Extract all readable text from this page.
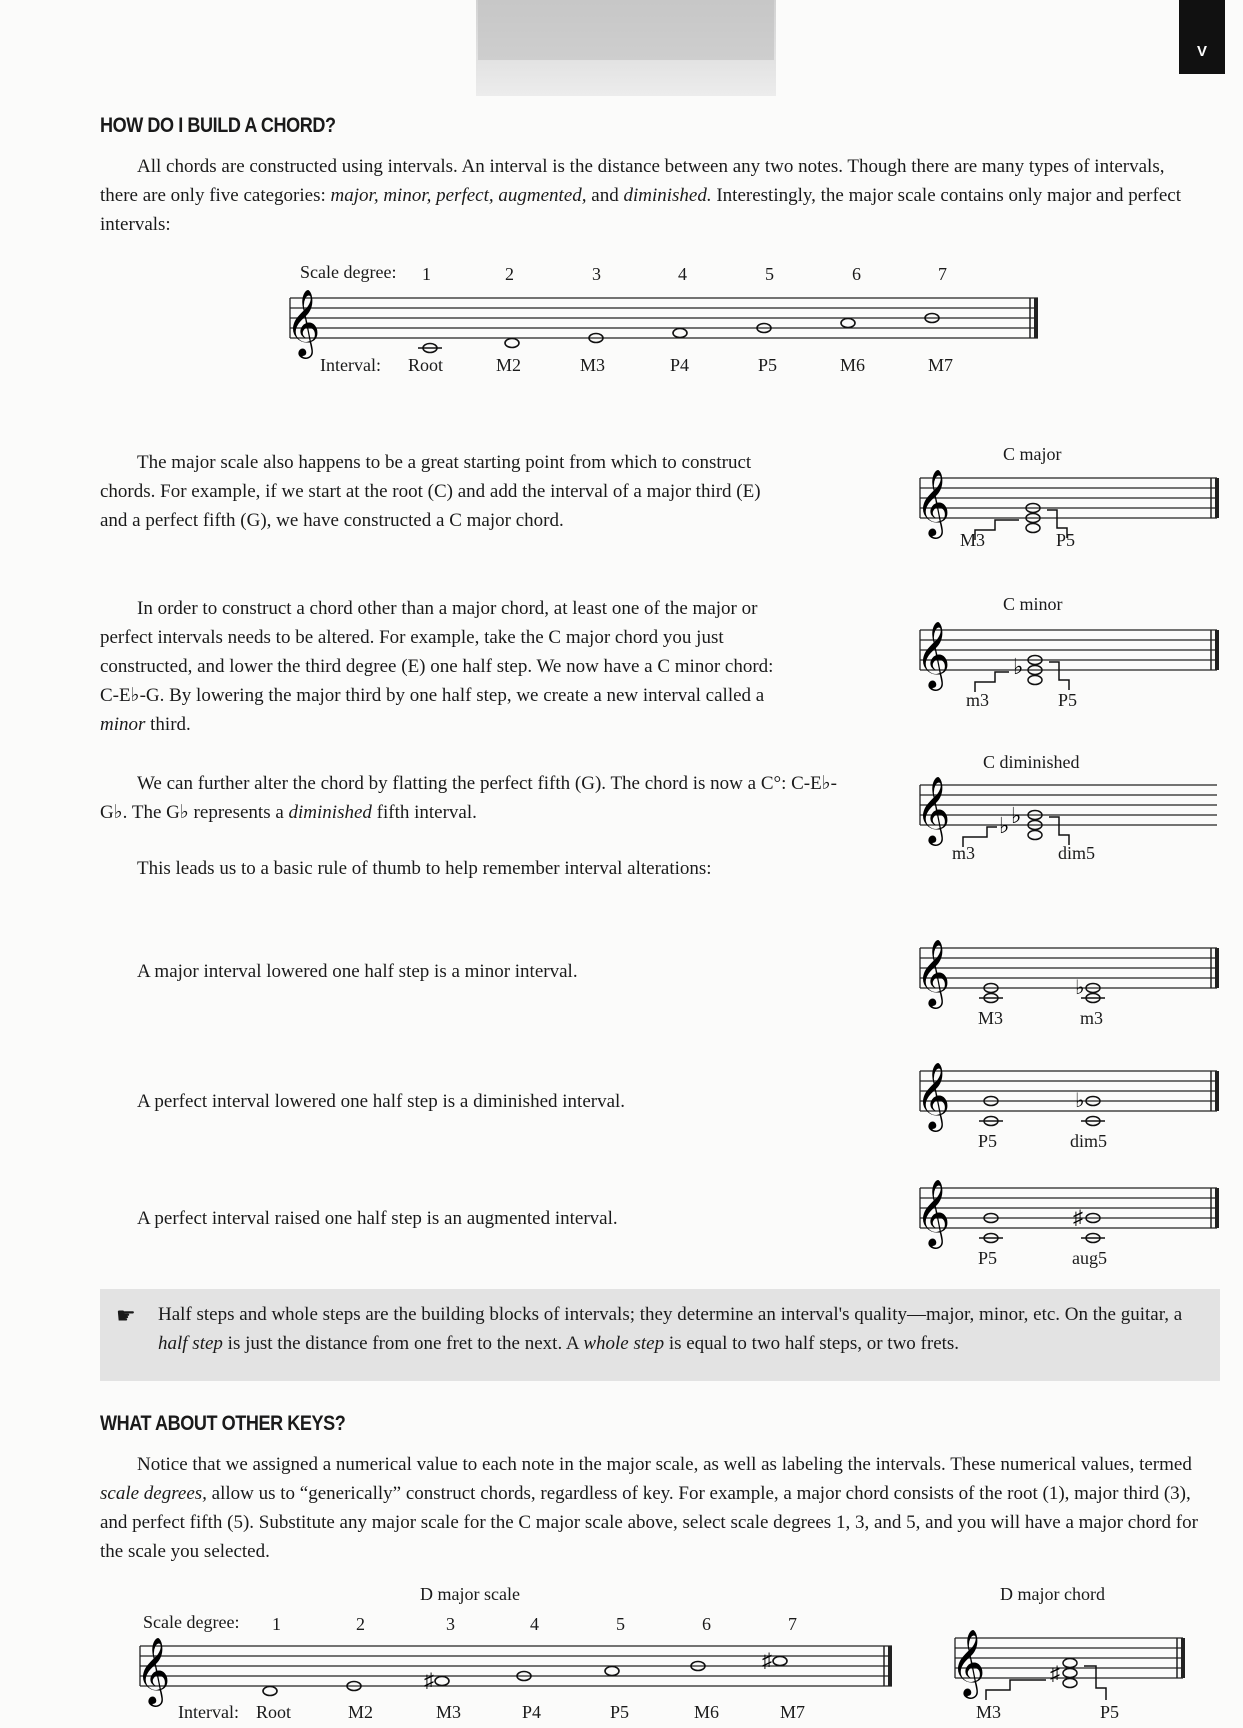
V
HOW DO I BUILD A CHORD?

All chords are constructed using intervals. An interval is the distance between any two notes. Though there are many types of intervals, there are only five categories: major, minor, perfect, augmented, and diminished. Interestingly, the major scale contains only major and perfect intervals:

Scale degree:
Interval:
1	2	3	4	5	6	7
Root	M2	M3	P4	P5	M6	M7
𝄞

The major scale also happens to be a great starting point from which to construct chords. For example, if we start at the root (C) and add the interval of a major third (E) and a perfect fifth (G), we have constructed a C major chord.

In order to construct a chord other than a major chord, at least one of the major or perfect intervals needs to be altered. For example, take the C major chord you just constructed, and lower the third degree (E) one half step. We now have a C minor chord: C-E♭-G. By lowering the major third by one half step, we create a new interval called a minor third.

We can further alter the chord by flatting the perfect fifth (G). The chord is now a C°: C-E♭-G♭. The G♭ represents a diminished fifth interval.

This leads us to a basic rule of thumb to help remember interval alterations:

A major interval lowered one half step is a minor interval.
A perfect interval lowered one half step is a diminished interval.
A perfect interval raised one half step is an augmented interval.
C major
𝄞
M3	P5
C minor
𝄞	♭
m3	P5
C diminished
𝄞	♭
♭
m3	dim5
𝄞	♭
M3	m3
𝄞	♭
P5	dim5
𝄞	♯
P5	aug5
☛ Half steps and whole steps are the building blocks of intervals; they determine an interval's quality—major, minor, etc. On the guitar, a half step is just the distance from one fret to the next. A whole step is equal to two half steps, or two frets.
WHAT ABOUT OTHER KEYS?

Notice that we assigned a numerical value to each note in the major scale, as well as labeling the intervals. These numerical values, termed scale degrees, allow us to “generically” construct chords, regardless of key. For example, a major chord consists of the root (1), major third (3), and perfect fifth (5). Substitute any major scale for the C major scale above, select scale degrees 1, 3, and 5, and you will have a major chord for the scale you selected.

D major scale
Scale degree: 1	2	3	4	5	6	7
Root	M2	M3	P4	P5	M6	M7
Interval:
𝄞	♯
♯
D major chord
𝄞	♯
M3	P5
